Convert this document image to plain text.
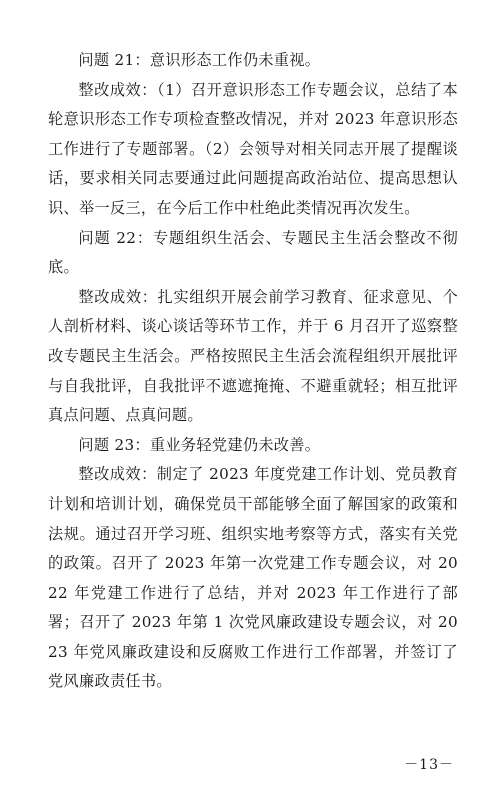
问题 21：意识形态工作仍未重视。

整改成效：（1）召开意识形态工作专题会议，总结了本轮意识形态工作专项检查整改情况，并对 2023 年意识形态工作进行了专题部署。（2）会领导对相关同志开展了提醒谈话，要求相关同志要通过此问题提高政治站位、提高思想认识、举一反三，在今后工作中杜绝此类情况再次发生。

问题 22：专题组织生活会、专题民主生活会整改不彻底。

整改成效：扎实组织开展会前学习教育、征求意见、个人剖析材料、谈心谈话等环节工作，并于 6 月召开了巡察整改专题民主生活会。严格按照民主生活会流程组织开展批评与自我批评，自我批评不遮遮掩掩、不避重就轻；相互批评真点问题、点真问题。

问题 23：重业务轻党建仍未改善。

整改成效：制定了 2023 年度党建工作计划、党员教育计划和培训计划，确保党员干部能够全面了解国家的政策和法规。通过召开学习班、组织实地考察等方式，落实有关党的政策。召开了 2023 年第一次党建工作专题会议，对 2022 年党建工作进行了总结，并对 2023 年工作进行了部署；召开了 2023 年第 1 次党风廉政建设专题会议，对 2023 年党风廉政建设和反腐败工作进行工作部署，并签订了党风廉政责任书。

－13－
